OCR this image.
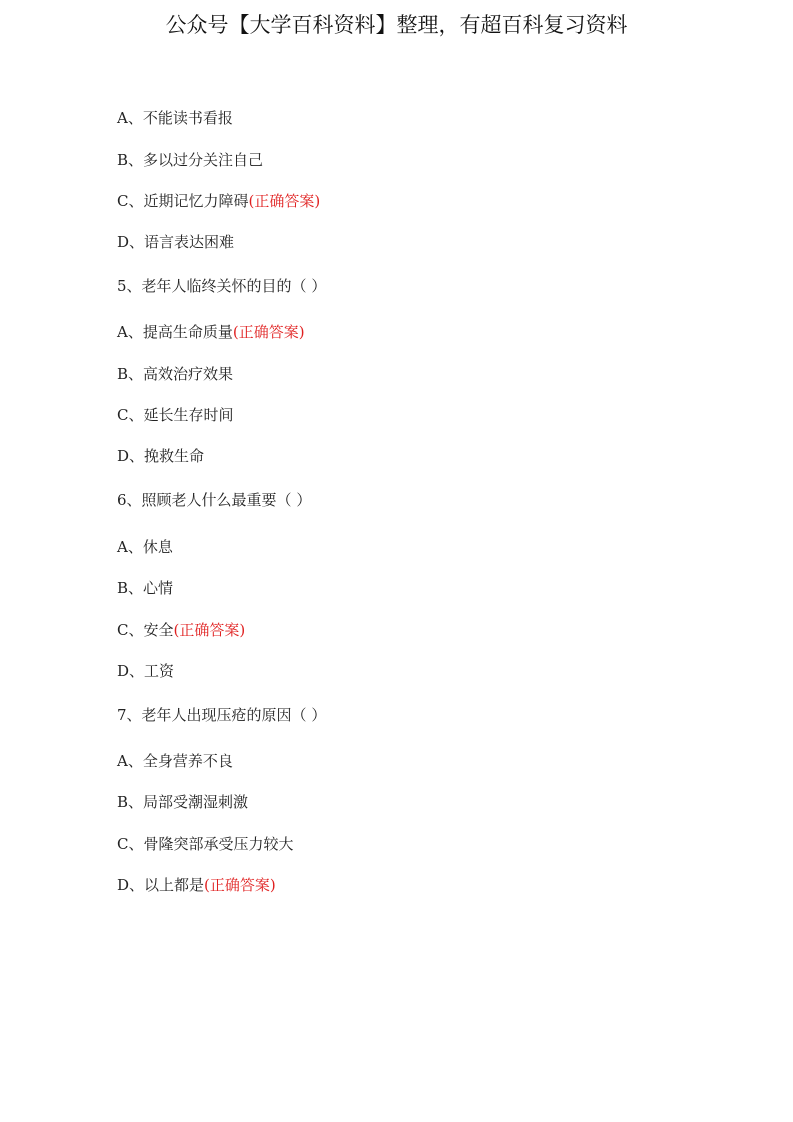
公众号【大学百科资料】整理，有超百科复习资料
A、不能读书看报
B、多以过分关注自己
C、近期记忆力障碍(正确答案)
D、语言表达困难
5、老年人临终关怀的目的（ ）
A、提高生命质量(正确答案)
B、高效治疗效果
C、延长生存时间
D、挽救生命
6、照顾老人什么最重要（ ）
A、休息
B、心情
C、安全(正确答案)
D、工资
7、老年人出现压疮的原因（ ）
A、全身营养不良
B、局部受潮湿刺激
C、骨隆突部承受压力较大
D、以上都是(正确答案)
